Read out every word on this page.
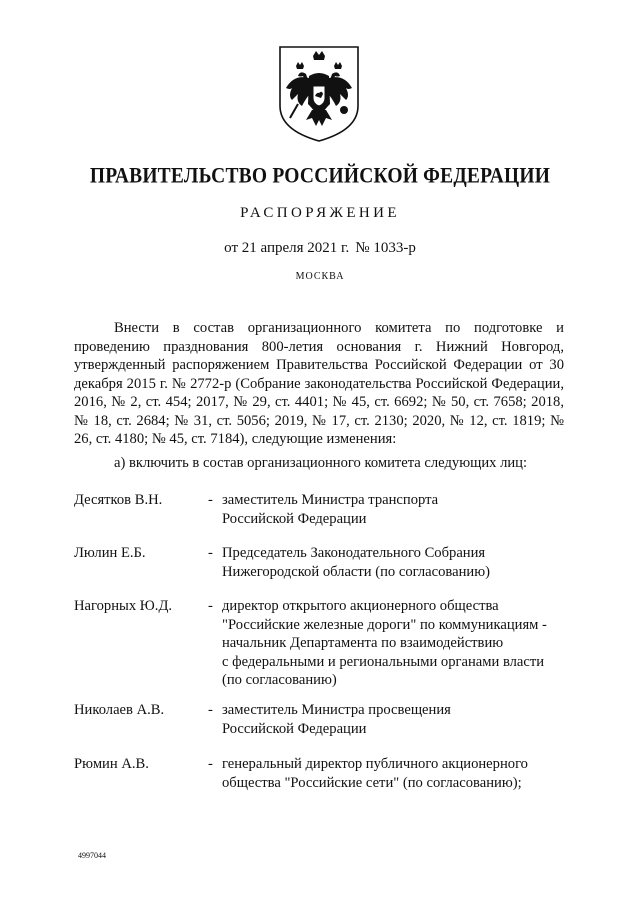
ПРАВИТЕЛЬСТВО РОССИЙСКОЙ ФЕДЕРАЦИИ
РАСПОРЯЖЕНИЕ
от 21 апреля 2021 г. № 1033-р
МОСКВА

Внести в состав организационного комитета по подготовке и проведению празднования 800-летия основания г. Нижний Новгород, утвержденный распоряжением Правительства Российской Федерации от 30 декабря 2015 г. № 2772-р (Собрание законодательства Российской Федерации, 2016, № 2, ст. 454; 2017, № 29, ст. 4401; № 45, ст. 6692; № 50, ст. 7658; 2018, № 18, ст. 2684; № 31, ст. 5056; 2019, № 17, ст. 2130; 2020, № 12, ст. 1819; № 26, ст. 4180; № 45, ст. 7184), следующие изменения:

а) включить в состав организационного комитета следующих лиц:

Десятков В.Н.	- заместитель Министра транспорта
Российской Федерации
Люлин Е.Б.	- Председатель Законодательного Собрания
Нижегородской области (по согласованию)
Нагорных Ю.Д.	- директор открытого акционерного общества
"Российские железные дороги" по коммуникациям -
начальник Департамента по взаимодействию
с федеральными и региональными органами власти
(по согласованию)
Николаев А.В.	- заместитель Министра просвещения
Российской Федерации
Рюмин А.В.	- генеральный директор публичного акционерного
общества "Российские сети" (по согласованию);
4997044
